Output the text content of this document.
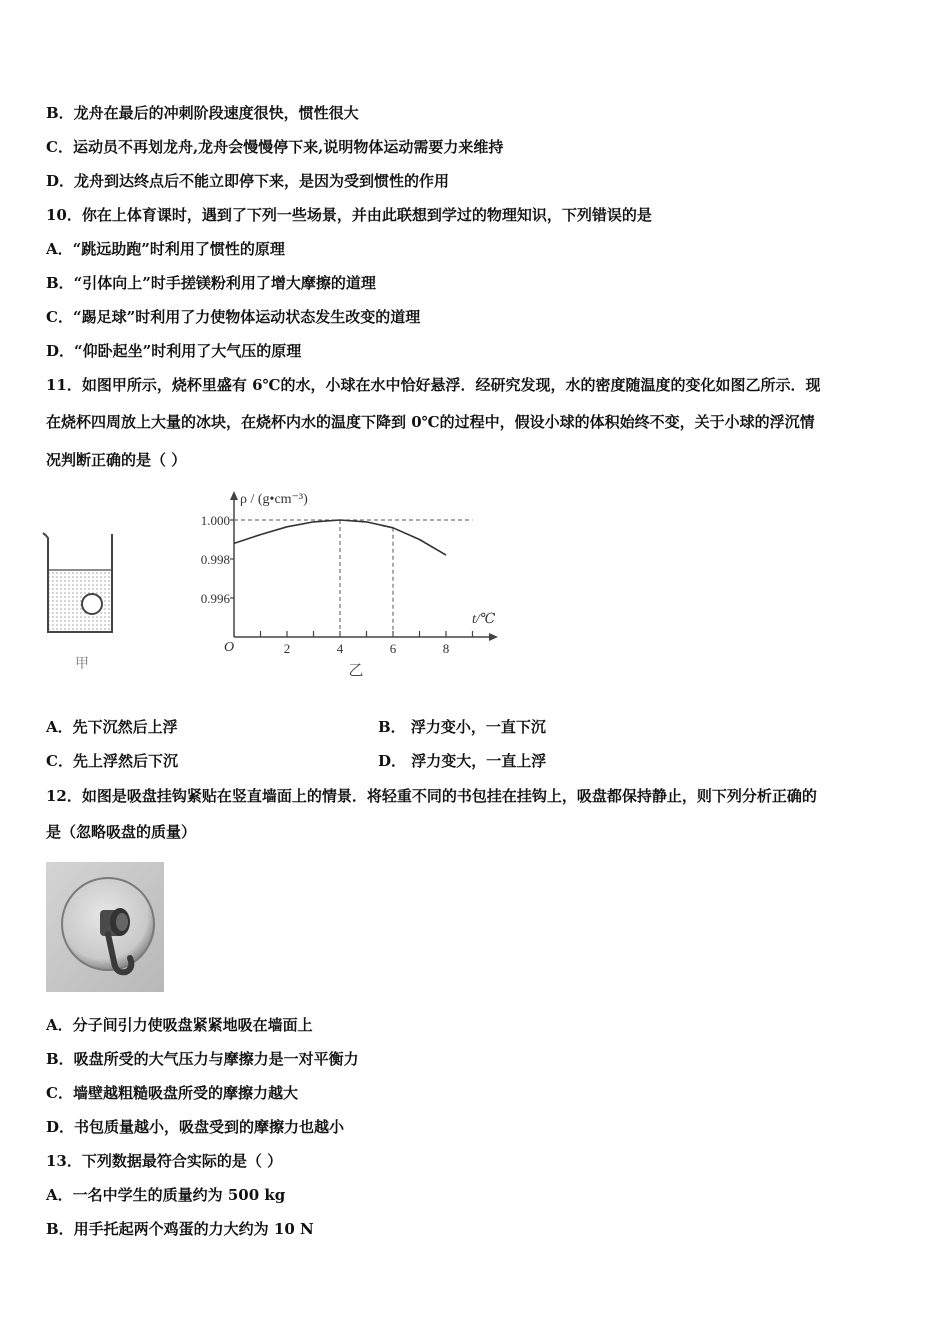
B．龙舟在最后的冲刺阶段速度很快，惯性很大
C．运动员不再划龙舟,龙舟会慢慢停下来,说明物体运动需要力来维持
D．龙舟到达终点后不能立即停下来，是因为受到惯性的作用
10．你在上体育课时，遇到了下列一些场景，并由此联想到学过的物理知识，下列错误的是
A．“跳远助跑”时利用了惯性的原理
B．“引体向上”时手搓镁粉利用了增大摩擦的道理
C．“踢足球”时利用了力使物体运动状态发生改变的道理
D．“仰卧起坐”时利用了大气压的原理
11．如图甲所示，烧杯里盛有 6℃的水，小球在水中恰好悬浮．经研究发现，水的密度随温度的变化如图乙所示．现
在烧杯四周放上大量的冰块，在烧杯内水的温度下降到 0℃的过程中，假设小球的体积始终不变，关于小球的浮沉情
况判断正确的是（ ）
甲
ρ / (g•cm⁻³)
t/℃
O	2	4	6	8
1.000
0.998
0.996
乙
A．先下沉然后上浮	B． 浮力变小，一直下沉
C．先上浮然后下沉	D． 浮力变大，一直上浮
12．如图是吸盘挂钩紧贴在竖直墙面上的情景．将轻重不同的书包挂在挂钩上，吸盘都保持静止，则下列分析正确的
是（忽略吸盘的质量）
A．分子间引力使吸盘紧紧地吸在墙面上
B．吸盘所受的大气压力与摩擦力是一对平衡力
C．墙壁越粗糙吸盘所受的摩擦力越大
D．书包质量越小，吸盘受到的摩擦力也越小
13．下列数据最符合实际的是（ ）
A．一名中学生的质量约为 500 kg
B．用手托起两个鸡蛋的力大约为 10 N
